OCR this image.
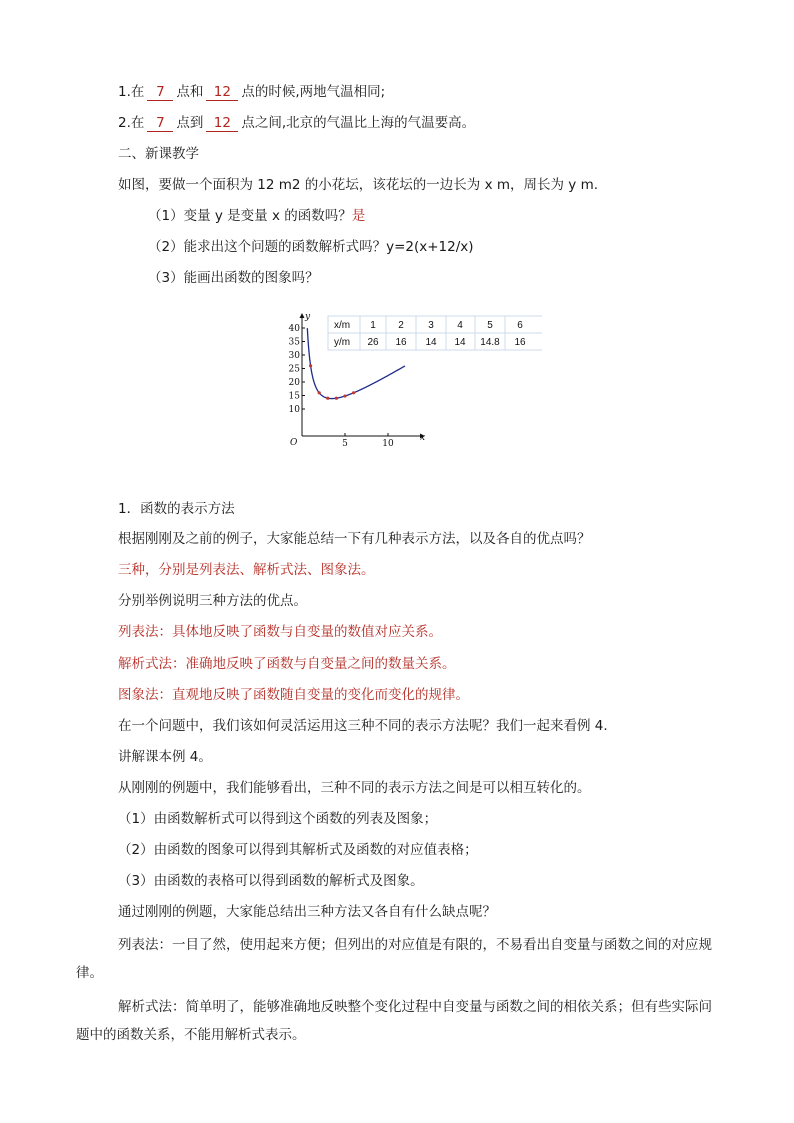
1.在 7 点和 12 点的时候,两地气温相同;
2.在 7 点到 12 点之间,北京的气温比上海的气温要高。
二、新课教学
如图，要做一个面积为 12 m2 的小花坛，该花坛的一边长为 x m，周长为 y m.
（1）变量 y 是变量 x 的函数吗？是
（2）能求出这个问题的函数解析式吗？y=2(x+12/x)
（3）能画出函数的图象吗？
x/m
y/m
1 2 3 4 5 6
26 16 14 14 14.8 16
x
y
O
10
15
20
25
30
35
40
5	10
1．函数的表示方法
根据刚刚及之前的例子，大家能总结一下有几种表示方法，以及各自的优点吗？
三种，分别是列表法、解析式法、图象法。
分别举例说明三种方法的优点。
列表法：具体地反映了函数与自变量的数值对应关系。
解析式法：准确地反映了函数与自变量之间的数量关系。
图象法：直观地反映了函数随自变量的变化而变化的规律。
在一个问题中，我们该如何灵活运用这三种不同的表示方法呢？我们一起来看例 4.
讲解课本例 4。
从刚刚的例题中，我们能够看出，三种不同的表示方法之间是可以相互转化的。
（1）由函数解析式可以得到这个函数的列表及图象；
（2）由函数的图象可以得到其解析式及函数的对应值表格；
（3）由函数的表格可以得到函数的解析式及图象。
通过刚刚的例题，大家能总结出三种方法又各自有什么缺点呢？
列表法：一目了然，使用起来方便；但列出的对应值是有限的，不易看出自变量与函数之间的对应规律。
解析式法：简单明了，能够准确地反映整个变化过程中自变量与函数之间的相依关系；但有些实际问题中的函数关系，不能用解析式表示。
